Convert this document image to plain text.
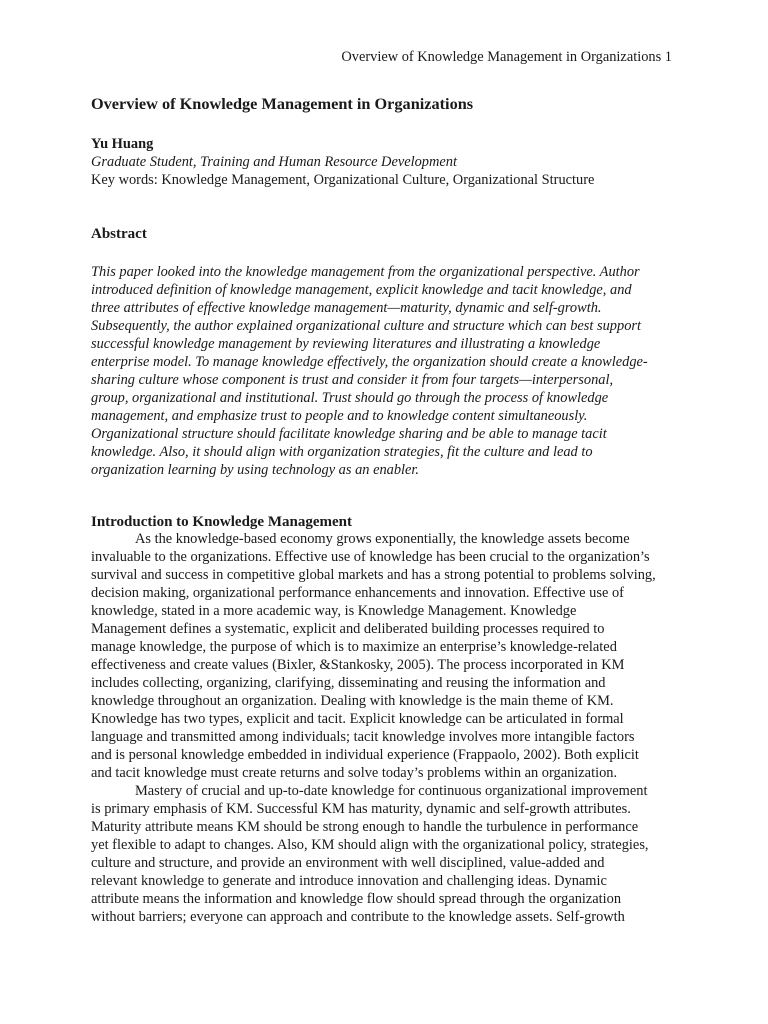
Overview of Knowledge Management in Organizations 1
Overview of Knowledge Management in Organizations
Yu Huang
Graduate Student, Training and Human Resource Development
Key words: Knowledge Management, Organizational Culture, Organizational Structure
Abstract
This paper looked into the knowledge management from the organizational perspective. Author
introduced definition of knowledge management, explicit knowledge and tacit knowledge, and
three attributes of effective knowledge management—maturity, dynamic and self-growth.
Subsequently, the author explained organizational culture and structure which can best support
successful knowledge management by reviewing literatures and illustrating a knowledge
enterprise model. To manage knowledge effectively, the organization should create a knowledge-
sharing culture whose component is trust and consider it from four targets—interpersonal,
group, organizational and institutional. Trust should go through the process of knowledge
management, and emphasize trust to people and to knowledge content simultaneously.
Organizational structure should facilitate knowledge sharing and be able to manage tacit
knowledge. Also, it should align with organization strategies, fit the culture and lead to
organization learning by using technology as an enabler.
Introduction to Knowledge Management
As the knowledge-based economy grows exponentially, the knowledge assets become
invaluable to the organizations. Effective use of knowledge has been crucial to the organization’s
survival and success in competitive global markets and has a strong potential to problems solving,
decision making, organizational performance enhancements and innovation. Effective use of
knowledge, stated in a more academic way, is Knowledge Management. Knowledge
Management defines a systematic, explicit and deliberated building processes required to
manage knowledge, the purpose of which is to maximize an enterprise’s knowledge-related
effectiveness and create values (Bixler, &Stankosky, 2005). The process incorporated in KM
includes collecting, organizing, clarifying, disseminating and reusing the information and
knowledge throughout an organization. Dealing with knowledge is the main theme of KM.
Knowledge has two types, explicit and tacit. Explicit knowledge can be articulated in formal
language and transmitted among individuals; tacit knowledge involves more intangible factors
and is personal knowledge embedded in individual experience (Frappaolo, 2002). Both explicit
and tacit knowledge must create returns and solve today’s problems within an organization.
Mastery of crucial and up-to-date knowledge for continuous organizational improvement
is primary emphasis of KM. Successful KM has maturity, dynamic and self-growth attributes.
Maturity attribute means KM should be strong enough to handle the turbulence in performance
yet flexible to adapt to changes. Also, KM should align with the organizational policy, strategies,
culture and structure, and provide an environment with well disciplined, value-added and
relevant knowledge to generate and introduce innovation and challenging ideas. Dynamic
attribute means the information and knowledge flow should spread through the organization
without barriers; everyone can approach and contribute to the knowledge assets. Self-growth
